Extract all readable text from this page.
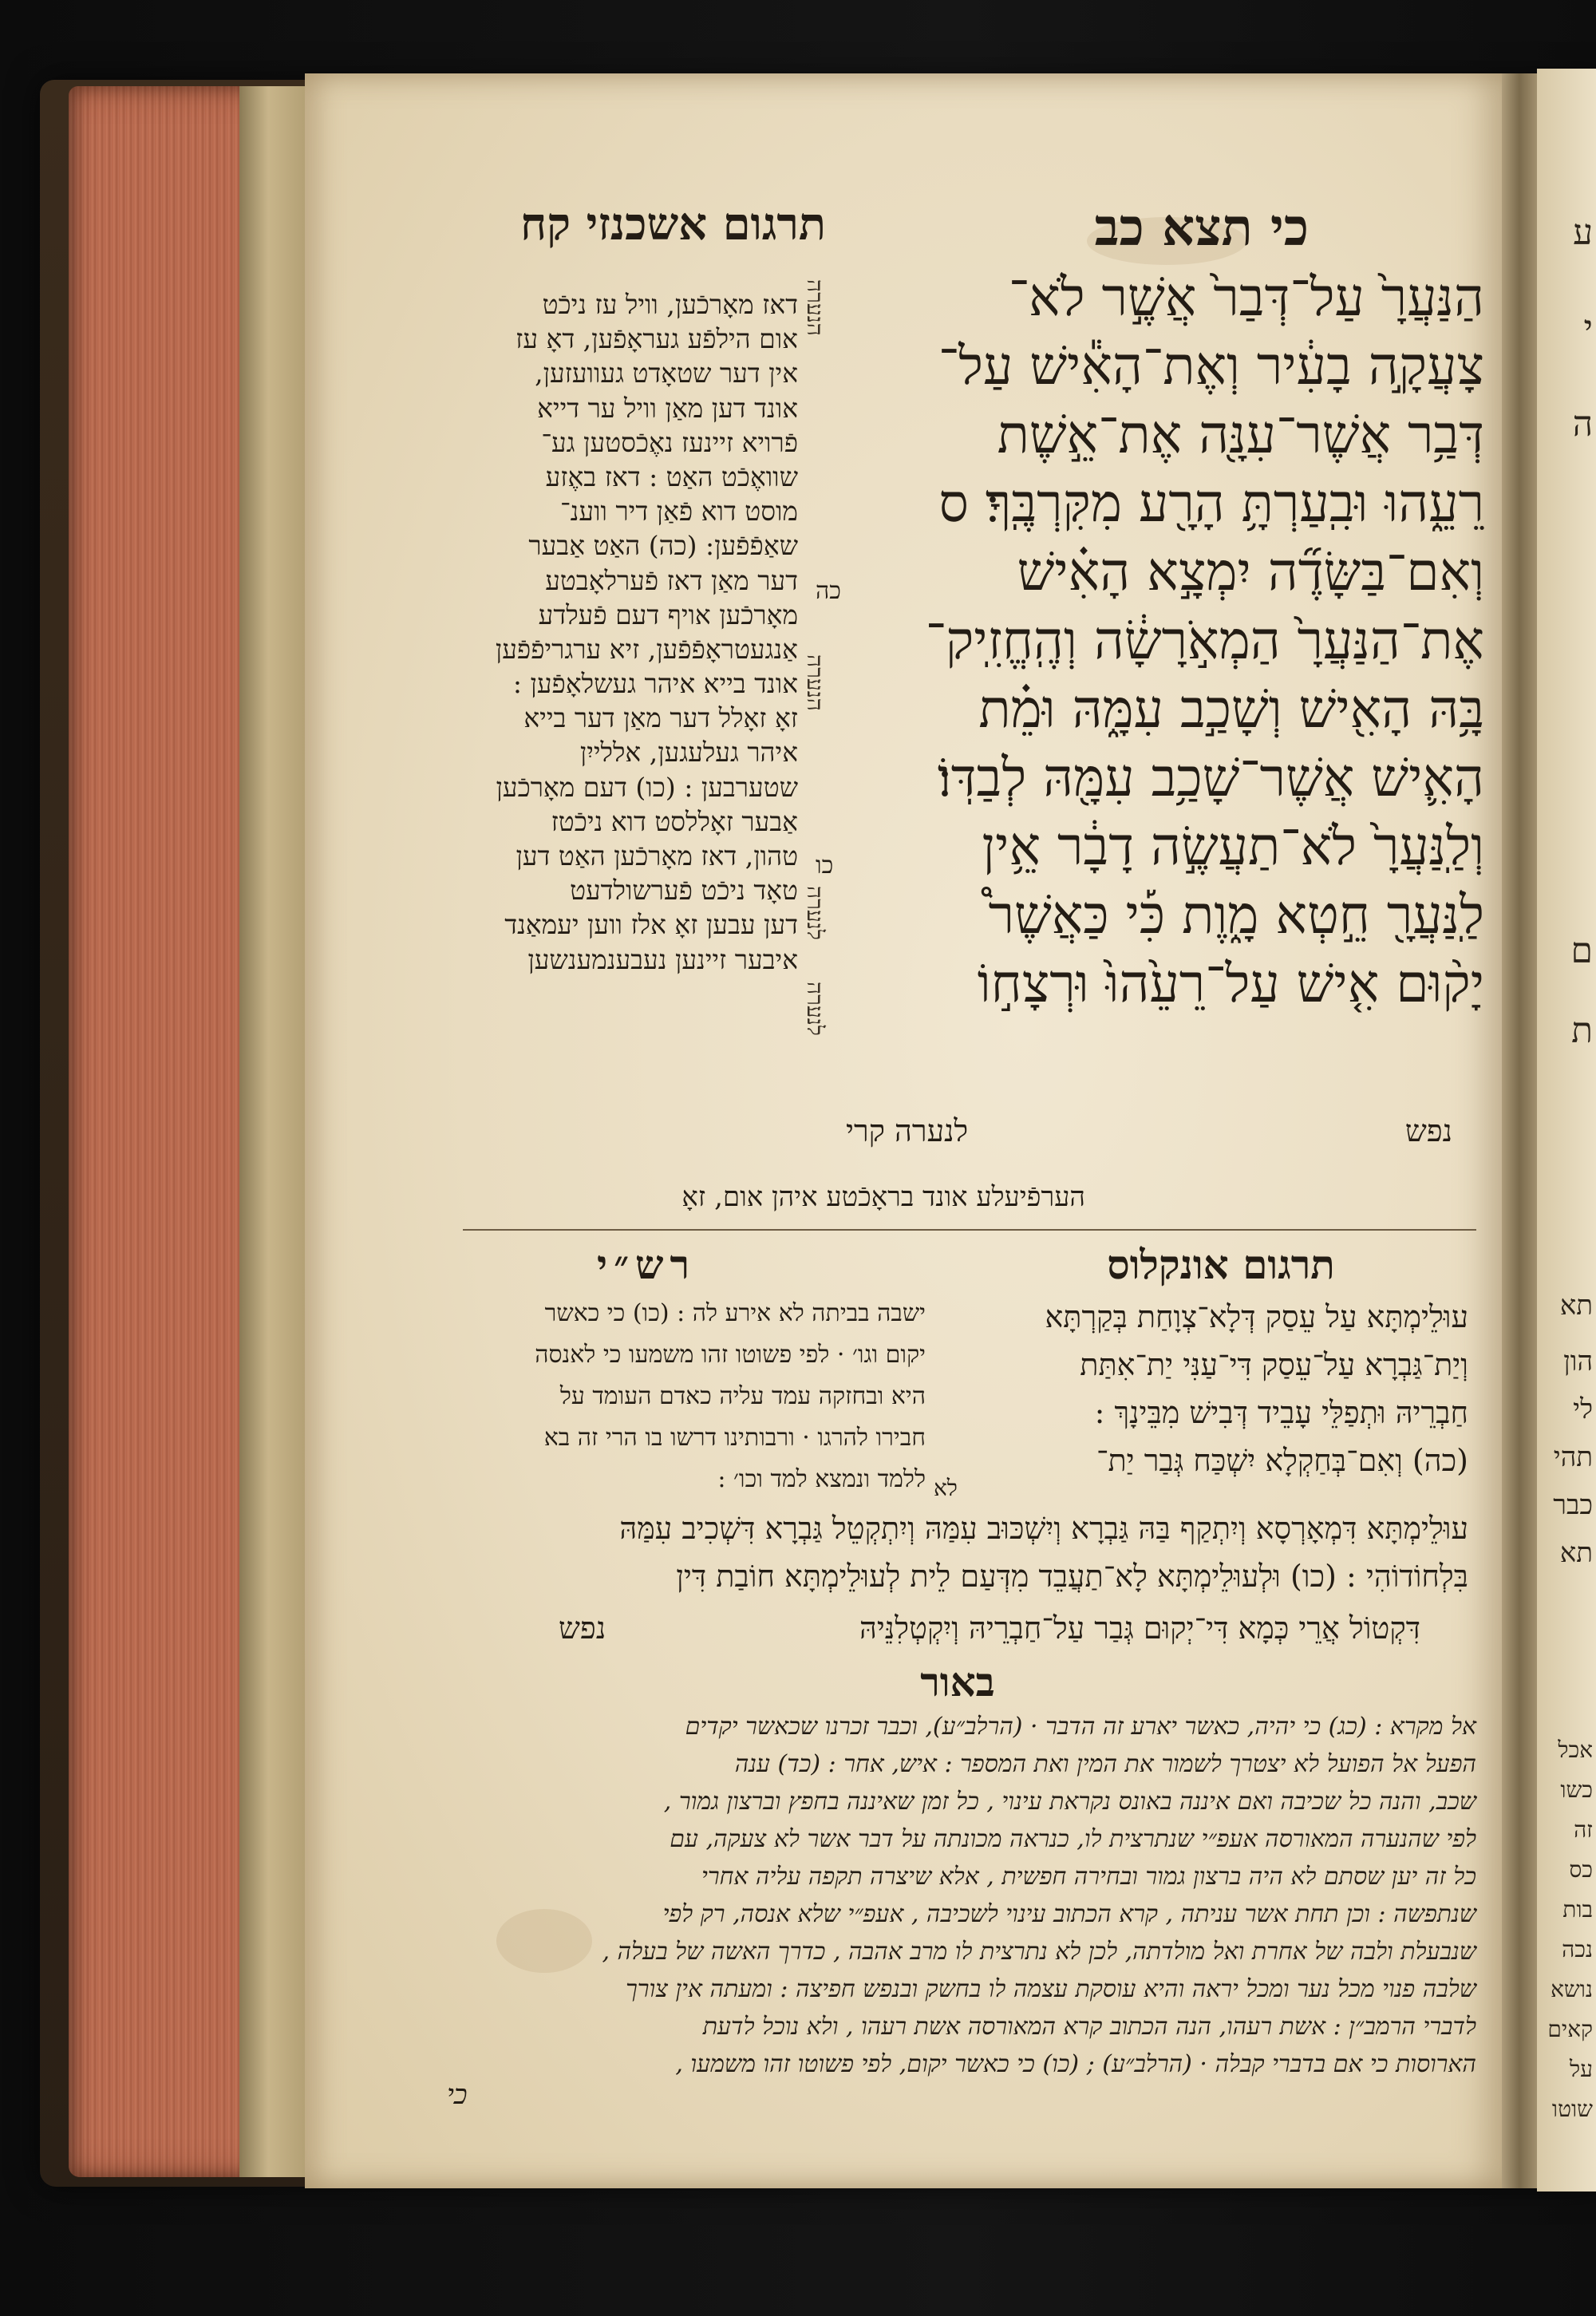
ע
י
ה
ם
ת
תא
הון
לי
תהי
כבר
תא
אכל
כשו
זה
כס
בות
נכה
נושא
קאים
על
שוטו
כי תצא כב
תרגום אשכנזי קח
הַנַּעֲרָ֙ עַל־דְּבַר֙ אֲשֶׁ֣ר לֹא־
צָעֲקָ֣ה בָעִ֔יר וְאֶת־הָאִ֕ישׁ עַל־
דְּבַ֥ר אֲשֶׁר־עִנָּ֖ה אֶת־אֵ֣שֶׁת
רֵעֵ֑הוּ וּבִֽעַרְתָּ֥ הָרָ֖ע מִקִּרְבֶּֽךָ׃ ס
וְאִם־בַּשָּׂדֶ֞ה יִמְצָ֣א הָאִ֗ישׁ
כה
אֶת־הַנַּעֲרָ֙ הַמְאֹ֣רָשָׂ֔ה וְהֶֽחֱזִֽיק־
בָּ֥הּ הָאִ֖ישׁ וְשָׁכַ֣ב עִמָּ֑הּ וּמֵ֗ת
הָאִ֛ישׁ אֲשֶׁר־שָׁכַ֥ב עִמָּ֖הּ לְבַדּֽוֹ׃
וְלַֽנַּעֲרָ֙ לֹא־תַעֲשֶׂ֣ה דָבָ֔ר אֵ֥ין
כו
לַֽנַּעֲרָ֖ חֵ֣טְא מָ֑וֶת כִּ֡י כַּאֲשֶׁר֩
יָק֨וּם אִ֤ישׁ עַל־רֵעֵ֙הוּ֙ וּרְצָח֣וֹ
הנערה
הנערה
לנערה
לנערה
נפש
לנערה קרי
דאז מאָרכֿען, וויל עז ניכֿט
אום הילפֿע געראָפֿען, דאָ עז
אין דער שטאָדט געוועזען,
אונד דען מאַן וויל ער דייא
פֿרויא זיינעז נאֶכֿסטען גע־
שוואֶכֿט האַט : דאז באֶזע
מוסט דוא פֿאַן דיר ווענ־
שאַפֿפֿען: (כה) האַט אַבער
דער מאַן דאז פֿערלאָבטע
מאָרכֿען אויף דעם פֿעלדע
אַנגעטראָפֿפֿען, זיא ערגריפֿפֿען
אונד בייא איהר געשלאָפֿען :
זאָ זאָלל דער מאַן דער בייא
איהר געלעגען, אללייִן
שטערבען : (כו) דעם מאָרכֿען
אַבער זאָללסט דוא ניכֿטז
טהון, דאז מאָרכֿען האַט דען
טאָד ניכֿט פֿערשולדעט
דען עבען זאָ אלז ווען יעמאַנד
איבער זיינען נעבענמענשען
הערפֿיעלע אונד בראָכֿטע איהן אום, זאָ
תרגום אונקלוס
רש״י
עוּלֵימְתָּא עַל עֵסַק דְּלָא־צְוָחַת בְּקַרְתָּא
וְיַת־גַּבְרָא עַל־עֵסַק דִּי־עַנִּי יַת־אִתַּת
חַבְרֵיהּ וּתְפַלֵּי עָבֵיד דְּבִישׁ מִבֵּינָךְ :
(כה) וְאִם־בְּחַקְלָא יִשְׁכַּח גְּבַר יַת־
ישבה בביתה לא אירע לה : (כו) כי כאשר
יקום וגו׳ · לפי פשוטו זהו משמעו כי לאנסה
היא ובחזקה עמד עליה כאדם העומד על
חבירו להרגו · ורבותינו דרשו בו הרי זה בא
ללמד ונמצא למד וכו׳ : לא
עוּלֵימְתָּא דִּמְאָרְסָא וְיִתְקַף בַּהּ גַּבְרָא וְיִשְׁכּוּב עִמַּהּ וְיִתְקְטֵל גַּבְרָא דִּשְׁכִיב עִמַּהּ
בִּלְחוֹדוֹהִי : (כו) וּלְעוּלֵימְתָּא לָא־תַעֲבֵד מִדְּעַם לֵית לְעוּלֵימְתָּא חוֹבַת דִּין
דִּקְטוֹל אֲרֵי כְּמָא דִּי־יְקוּם גְּבַר עַל־חַבְרֵיהּ וְיִקְטְלִנֵּיהּ
נפש
באור
אל מקרא : (כג) כי יהיה, כאשר יארע זה הדבר · (הרלב״ע), וכבר זכרנו שכאשר יקדים
הפעל אל הפועל לא יצטרך לשמור את המין ואת המספר : איש, אחר : (כד) ענה
שכב, והנה כל שכיבה ואם איננה באונס נקראת עינוי , כל זמן שאיננה בחפץ וברצון גמור ,
לפי שהנערה המאורסה אעפ״י שנתרצית לו, כנראה מכונתה על דבר אשר לא צעקה, עם
כל זה יען שסתם לא היה ברצון גמור ובחירה חפשית , אלא שיצרה תקפה עליה אחרי
שנתפשה : וכן תחת אשר עניתה , קרא הכתוב עינוי לשכיבה , אעפ״י שלא אנסה, רק לפי
שנבעלת ולבה של אחרת ואל מולדתה, לכן לא נתרצית לו מרב אהבה , כדרך האשה של בעלה ,
שלבה פנוי מכל נער ומכל יראה והיא עוסקת עצמה לו בחשק ובנפש חפיצה : ומעתה אין צורך
לדברי הרמב״ן : אשת רעהו, הנה הכתוב קרא המאורסה אשת רעהו , ולא נוכל לדעת
הארוסות כי אם בדברי קבלה · (הרלב״ע) ; (כו) כי כאשר יקום, לפי פשוטו זהו משמעו ,
כי
